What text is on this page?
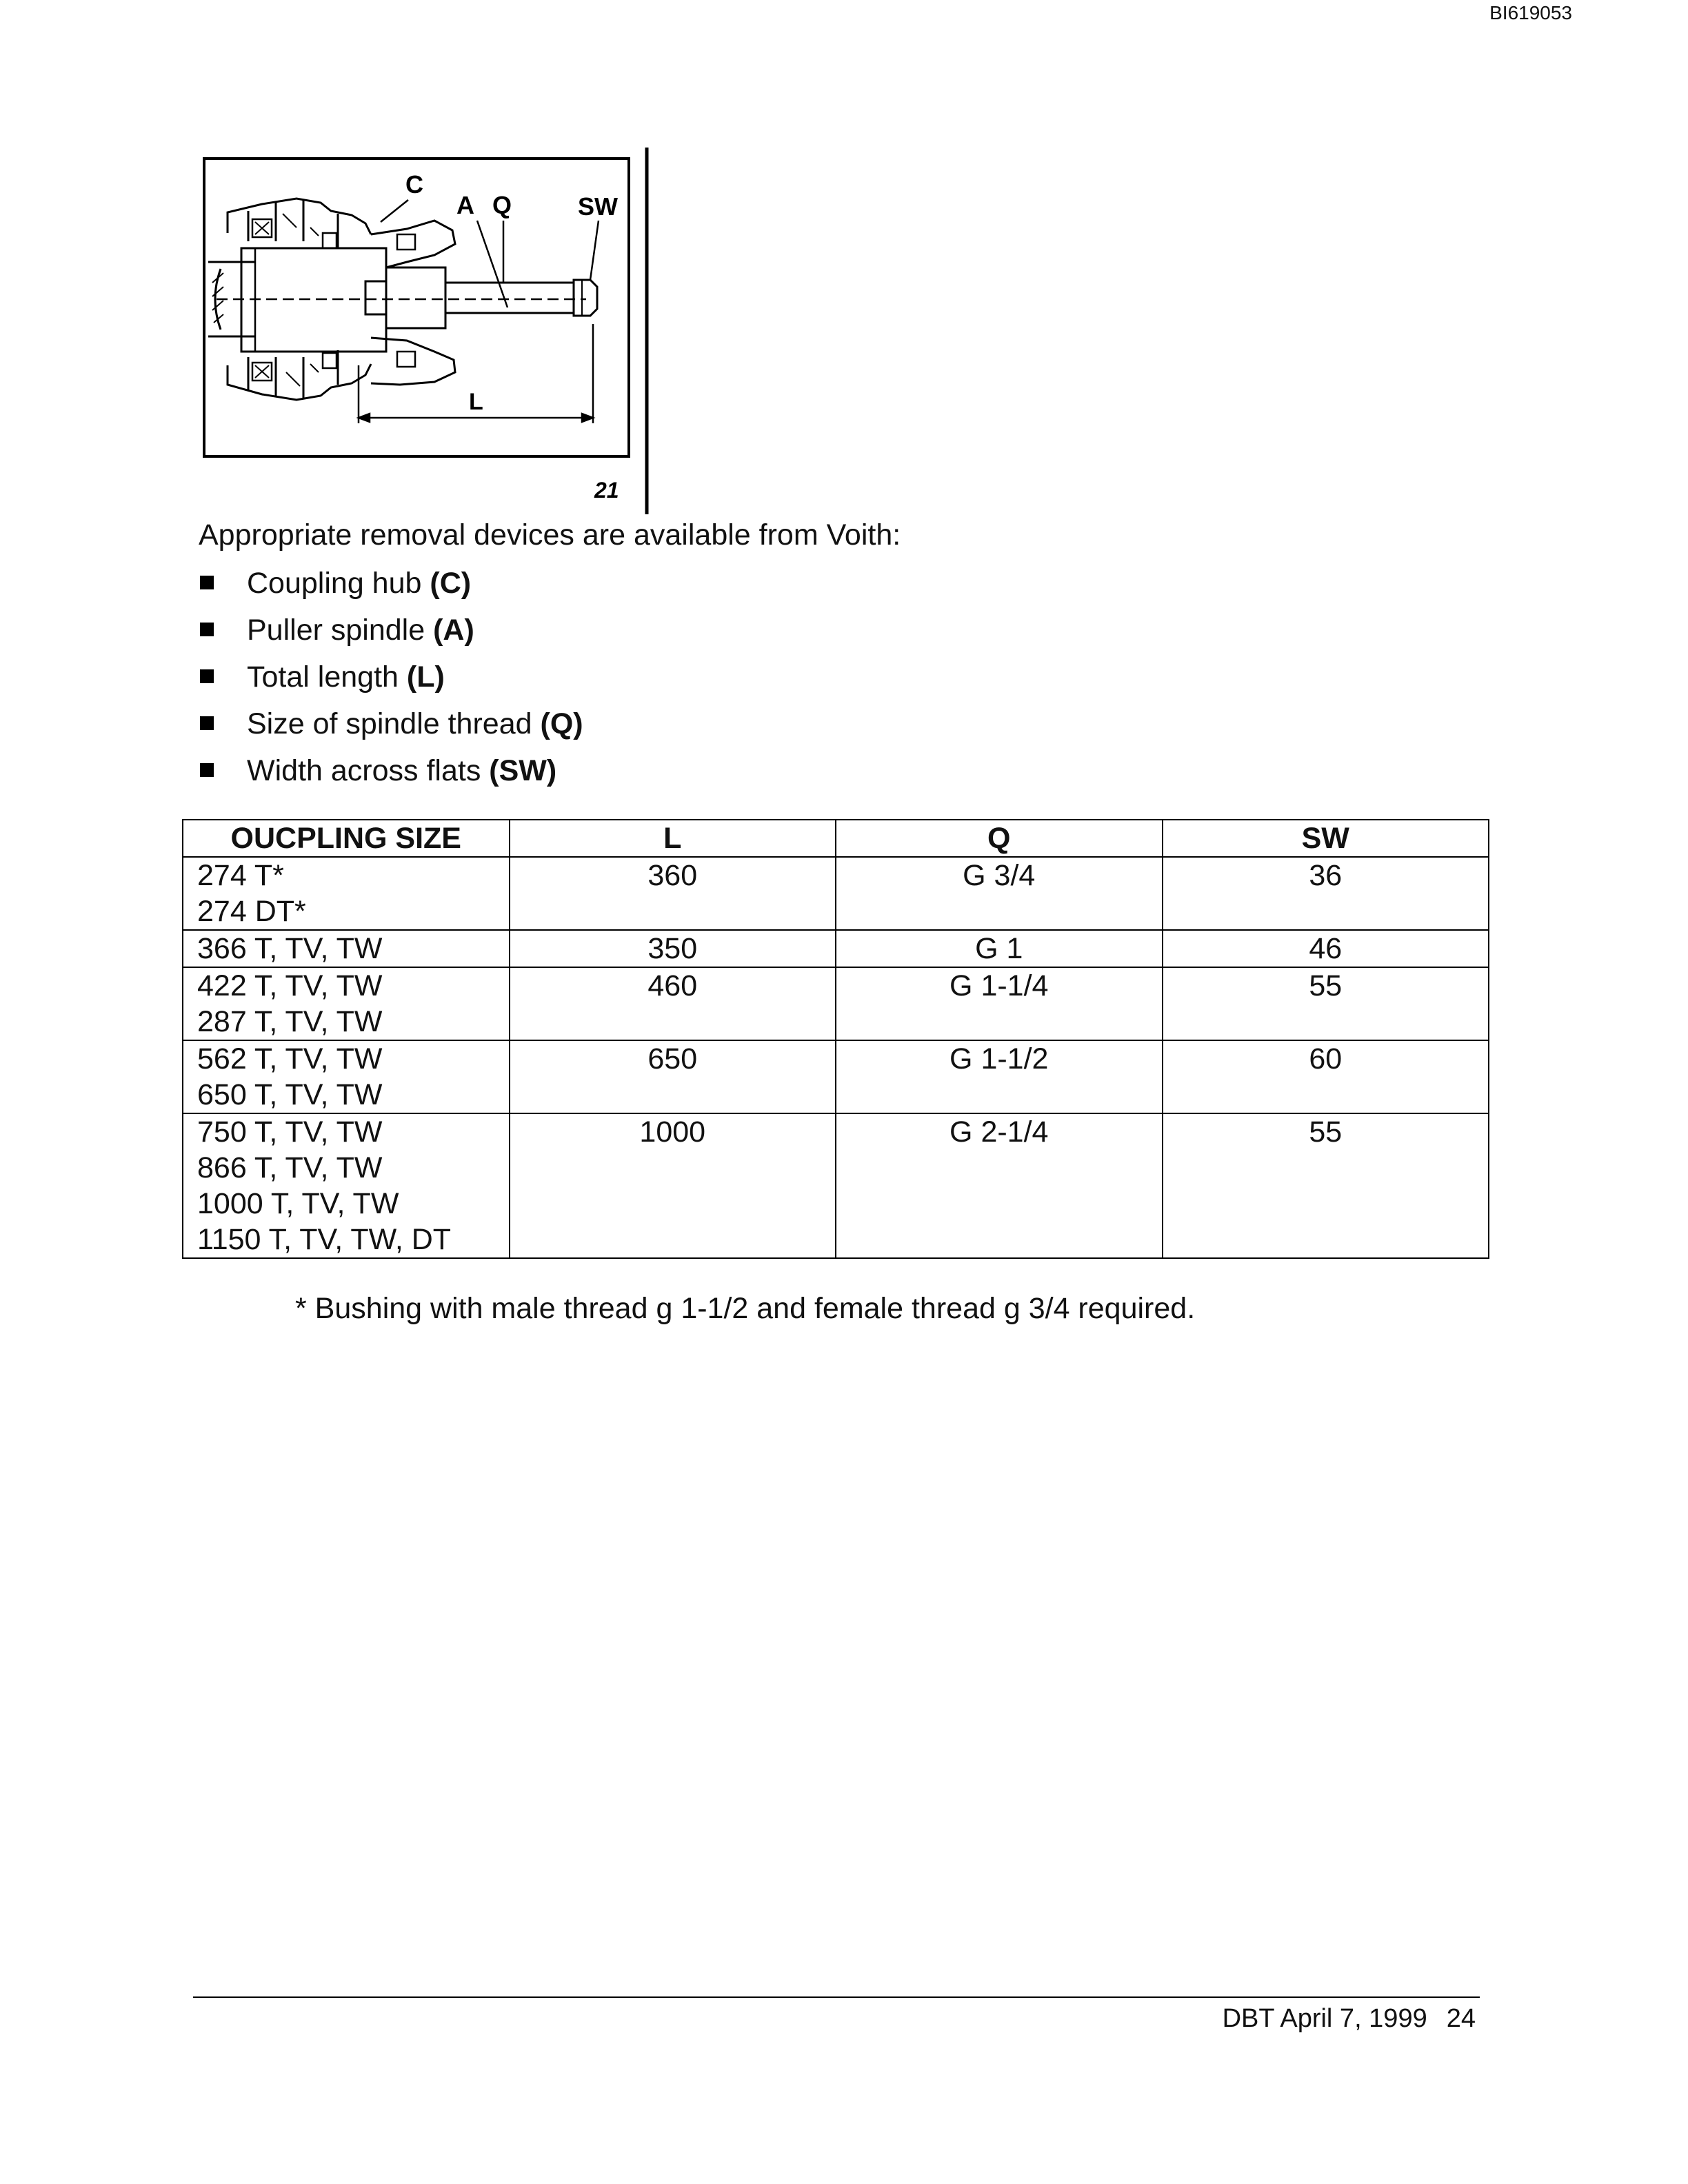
BI619053
C
A Q	SW
L
21

Appropriate removal devices are available from Voith:

Coupling hub (C)
Puller spindle (A)
Total length (L)
Size of spindle thread (Q)
Width across flats (SW)
OUCPLING SIZE	L	Q	SW

274 T*
274 DT*	360	G 3/4	36

366 T, TV, TW	350	G 1	46

422 T, TV, TW
287 T, TV, TW	460	G 1-1/4	55

562 T, TV, TW
650 T, TV, TW	650	G 1-1/2	60

750 T, TV, TW
866 T, TV, TW
1000 T, TV, TW
1150 T, TV, TW, DT	1000	G 2-1/4	55

* Bushing with male thread g 1-1/2 and female thread g 3/4 required.

DBT April 7, 1999 24
